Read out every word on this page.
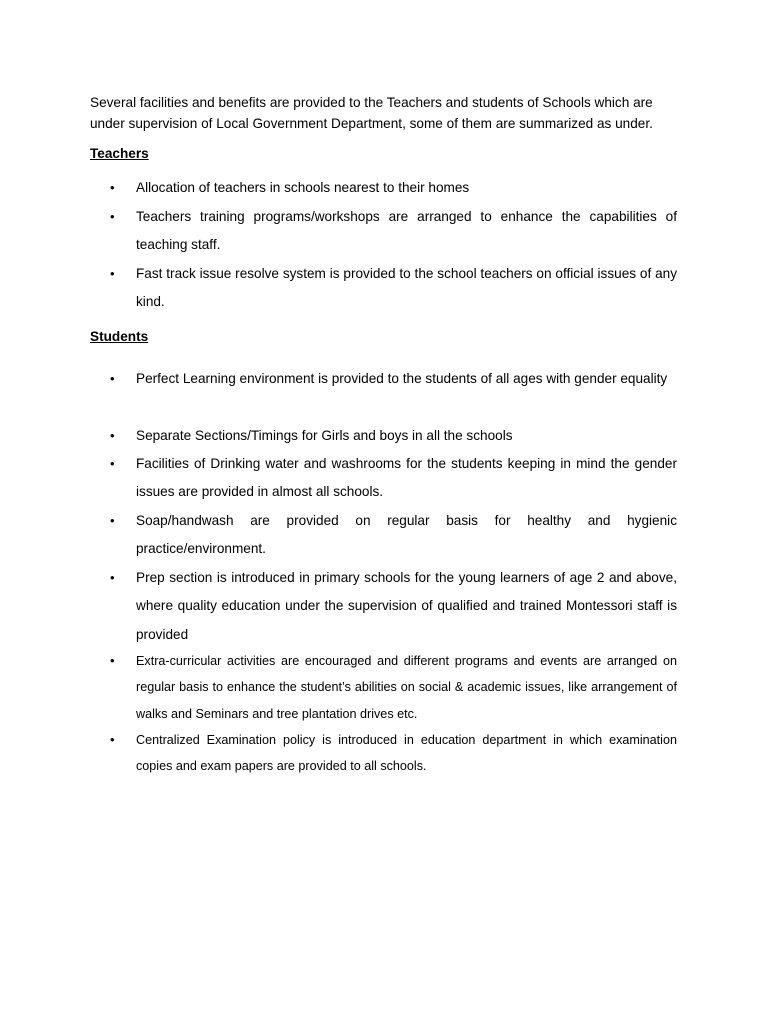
Several facilities and benefits are provided to the Teachers and students of Schools which are under supervision of Local Government Department, some of them are summarized as under.

Teachers
• Allocation of teachers in schools nearest to their homes
• Teachers training programs/workshops are arranged to enhance the capabilities of teaching staff.
• Fast track issue resolve system is provided to the school teachers on official issues of any kind.
Students
• Perfect Learning environment is provided to the students of all ages with gender equality
• Separate Sections/Timings for Girls and boys in all the schools
• Facilities of Drinking water and washrooms for the students keeping in mind the gender issues are provided in almost all schools.
• Soap/handwash are provided on regular basis for healthy and hygienic practice/environment.
• Prep section is introduced in primary schools for the young learners of age 2 and above, where quality education under the supervision of qualified and trained Montessori staff is provided
• Extra-curricular activities are encouraged and different programs and events are arranged on regular basis to enhance the student’s abilities on social & academic issues, like arrangement of walks and Seminars and tree plantation drives etc.
• Centralized Examination policy is introduced in education department in which examination copies and exam papers are provided to all schools.
